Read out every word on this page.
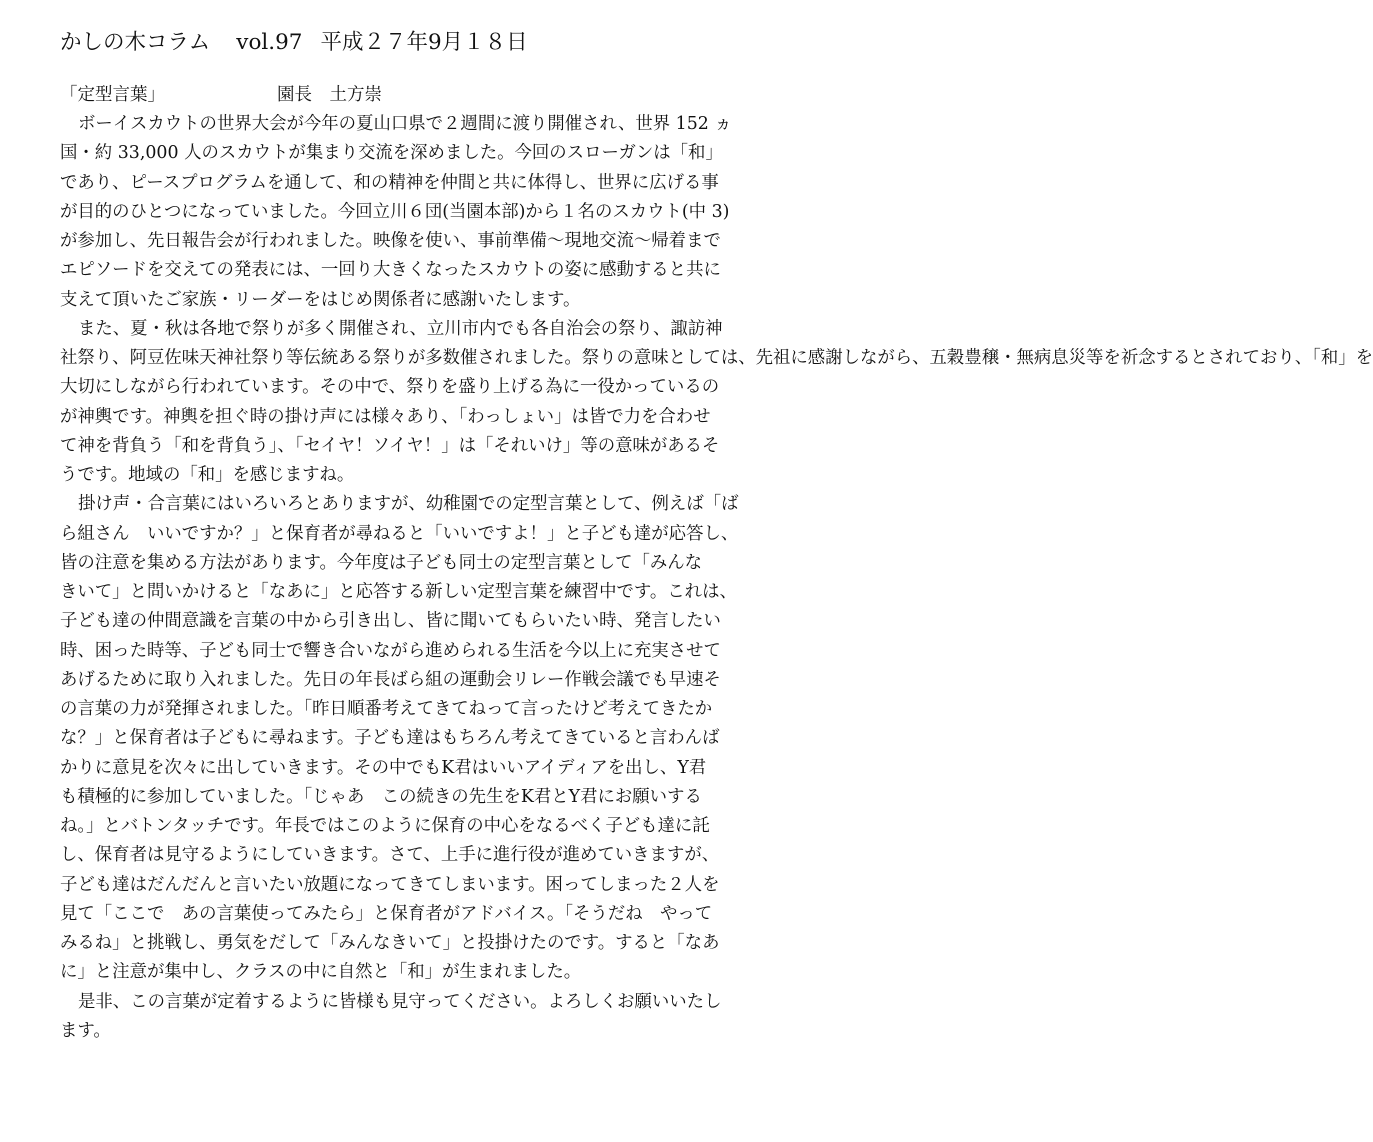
かしの木コラム vol.97 平成２７年9月１８日
「定型言葉」	園長　土方崇
ボーイスカウトの世界大会が今年の夏山口県で２週間に渡り開催され、世界 152 ヵ
国・約 33,000 人のスカウトが集まり交流を深めました。今回のスローガンは「和」
であり、ピースプログラムを通して、和の精神を仲間と共に体得し、世界に広げる事
が目的のひとつになっていました。今回立川６団(当園本部)から１名のスカウト(中 3)
が参加し、先日報告会が行われました。映像を使い、事前準備～現地交流～帰着まで
エピソードを交えての発表には、一回り大きくなったスカウトの姿に感動すると共に
支えて頂いたご家族・リーダーをはじめ関係者に感謝いたします。
また、夏・秋は各地で祭りが多く開催され、立川市内でも各自治会の祭り、諏訪神
社祭り、阿豆佐味天神社祭り等伝統ある祭りが多数催されました。祭りの意味としては、先祖に感謝しながら、五穀豊穣・無病息災等を祈念するとされており、「和」を
大切にしながら行われています。その中で、祭りを盛り上げる為に一役かっているの
が神輿です。神輿を担ぐ時の掛け声には様々あり、「わっしょい」は皆で力を合わせ
て神を背負う「和を背負う」、「セイヤ！ソイヤ！」は「それいけ」等の意味があるそ
うです。地域の「和」を感じますね。
掛け声・合言葉にはいろいろとありますが、幼稚園での定型言葉として、例えば「ば
ら組さん　いいですか？」と保育者が尋ねると「いいですよ！」と子ども達が応答し、
皆の注意を集める方法があります。今年度は子ども同士の定型言葉として「みんな
きいて」と問いかけると「なあに」と応答する新しい定型言葉を練習中です。これは、
子ども達の仲間意識を言葉の中から引き出し、皆に聞いてもらいたい時、発言したい
時、困った時等、子ども同士で響き合いながら進められる生活を今以上に充実させて
あげるために取り入れました。先日の年長ばら組の運動会リレー作戦会議でも早速そ
の言葉の力が発揮されました。「昨日順番考えてきてねって言ったけど考えてきたか
な？」と保育者は子どもに尋ねます。子ども達はもちろん考えてきていると言わんば
かりに意見を次々に出していきます。その中でもK君はいいアイディアを出し、Y君
も積極的に参加していました。「じゃあ　この続きの先生をK君とY君にお願いする
ね。」とバトンタッチです。年長ではこのように保育の中心をなるべく子ども達に託
し、保育者は見守るようにしていきます。さて、上手に進行役が進めていきますが、
子ども達はだんだんと言いたい放題になってきてしまいます。困ってしまった２人を
見て「ここで　あの言葉使ってみたら」と保育者がアドバイス。「そうだね　やって
みるね」と挑戦し、勇気をだして「みんなきいて」と投掛けたのです。すると「なあ
に」と注意が集中し、クラスの中に自然と「和」が生まれました。
是非、この言葉が定着するように皆様も見守ってください。よろしくお願いいたし
ます。
